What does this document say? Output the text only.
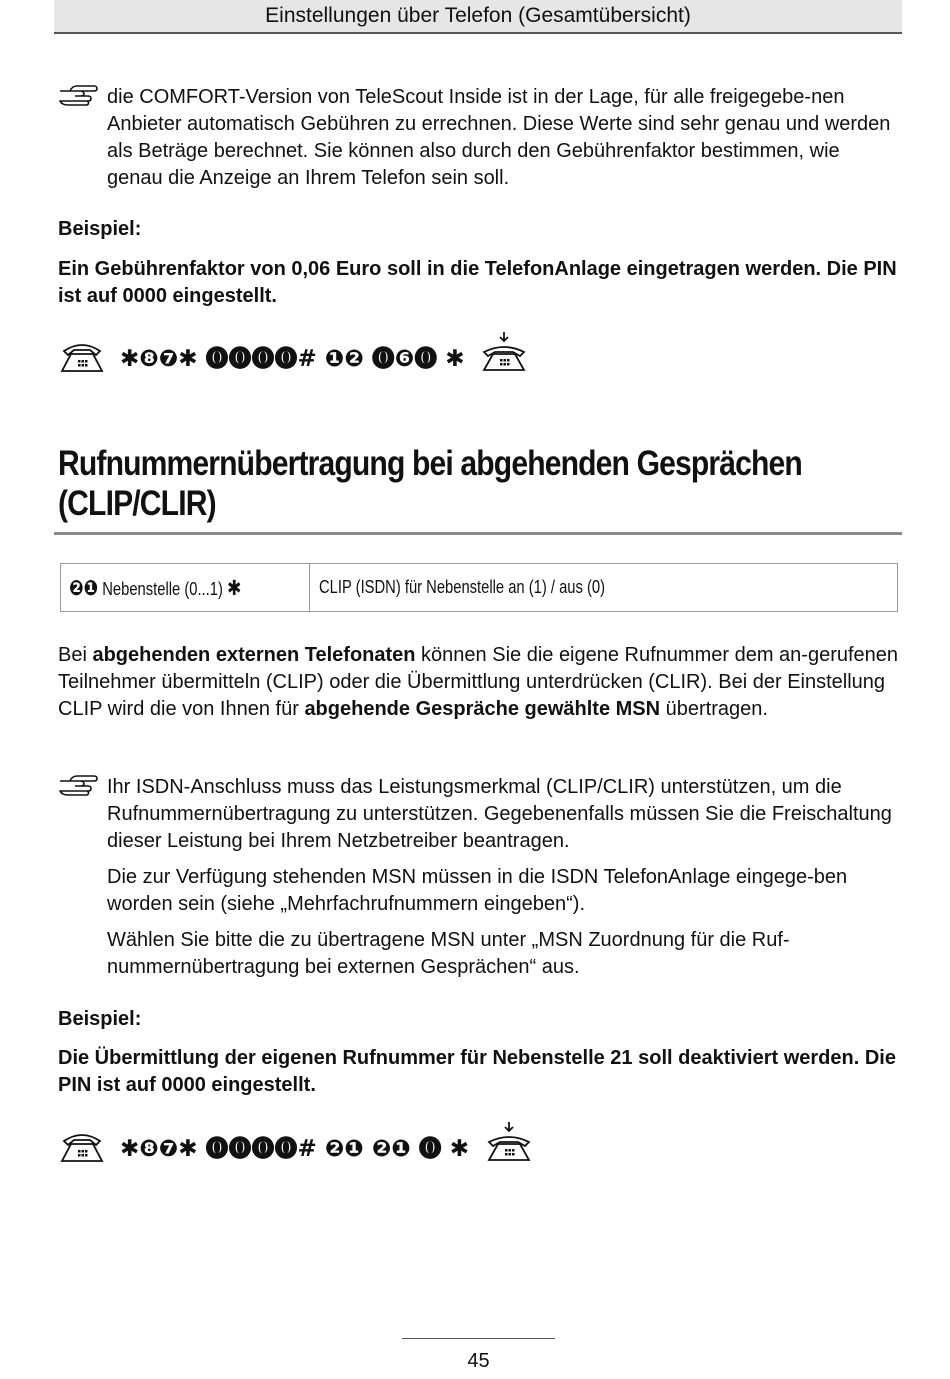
Einstellungen über Telefon (Gesamtübersicht)

die COMFORT-Version von TeleScout Inside ist in der Lage, für alle freigegebe-nen Anbieter automatisch Gebühren zu errechnen. Diese Werte sind sehr genau und werden als Beträge berechnet. Sie können also durch den Gebührenfaktor bestimmen, wie genau die Anzeige an Ihrem Telefon sein soll.

Beispiel:
Ein Gebührenfaktor von 0,06 Euro soll in die TelefonAnlage eingetragen werden. Die PIN ist auf 0000 eingestellt.
✱❽❼✱ ⓿⓿⓿⓿# ❶❷ ⓿❻⓿ ✱
Rufnummernübertragung bei abgehenden Gesprächen
(CLIP/CLIR)
❷❶ Nebenstelle (0...1) ✱	CLIP (ISDN) für Nebenstelle an (1) / aus (0)
Bei abgehenden externen Telefonaten können Sie die eigene Rufnummer dem an-gerufenen Teilnehmer übermitteln (CLIP) oder die Übermittlung unterdrücken (CLIR). Bei der Einstellung CLIP wird die von Ihnen für abgehende Gespräche gewählte MSN übertragen.

Ihr ISDN-Anschluss muss das Leistungsmerkmal (CLIP/CLIR) unterstützen, um die Rufnummernübertragung zu unterstützen. Gegebenenfalls müssen Sie die Freischaltung dieser Leistung bei Ihrem Netzbetreiber beantragen.

Die zur Verfügung stehenden MSN müssen in die ISDN TelefonAnlage eingege-ben worden sein (siehe „Mehrfachrufnummern eingeben“).

Wählen Sie bitte die zu übertragene MSN unter „MSN Zuordnung für die Ruf-nummernübertragung bei externen Gesprächen“ aus.

Beispiel:
Die Übermittlung der eigenen Rufnummer für Nebenstelle 21 soll deaktiviert werden. Die PIN ist auf 0000 eingestellt.
✱❽❼✱ ⓿⓿⓿⓿# ❷❶ ❷❶ ⓿ ✱
45
